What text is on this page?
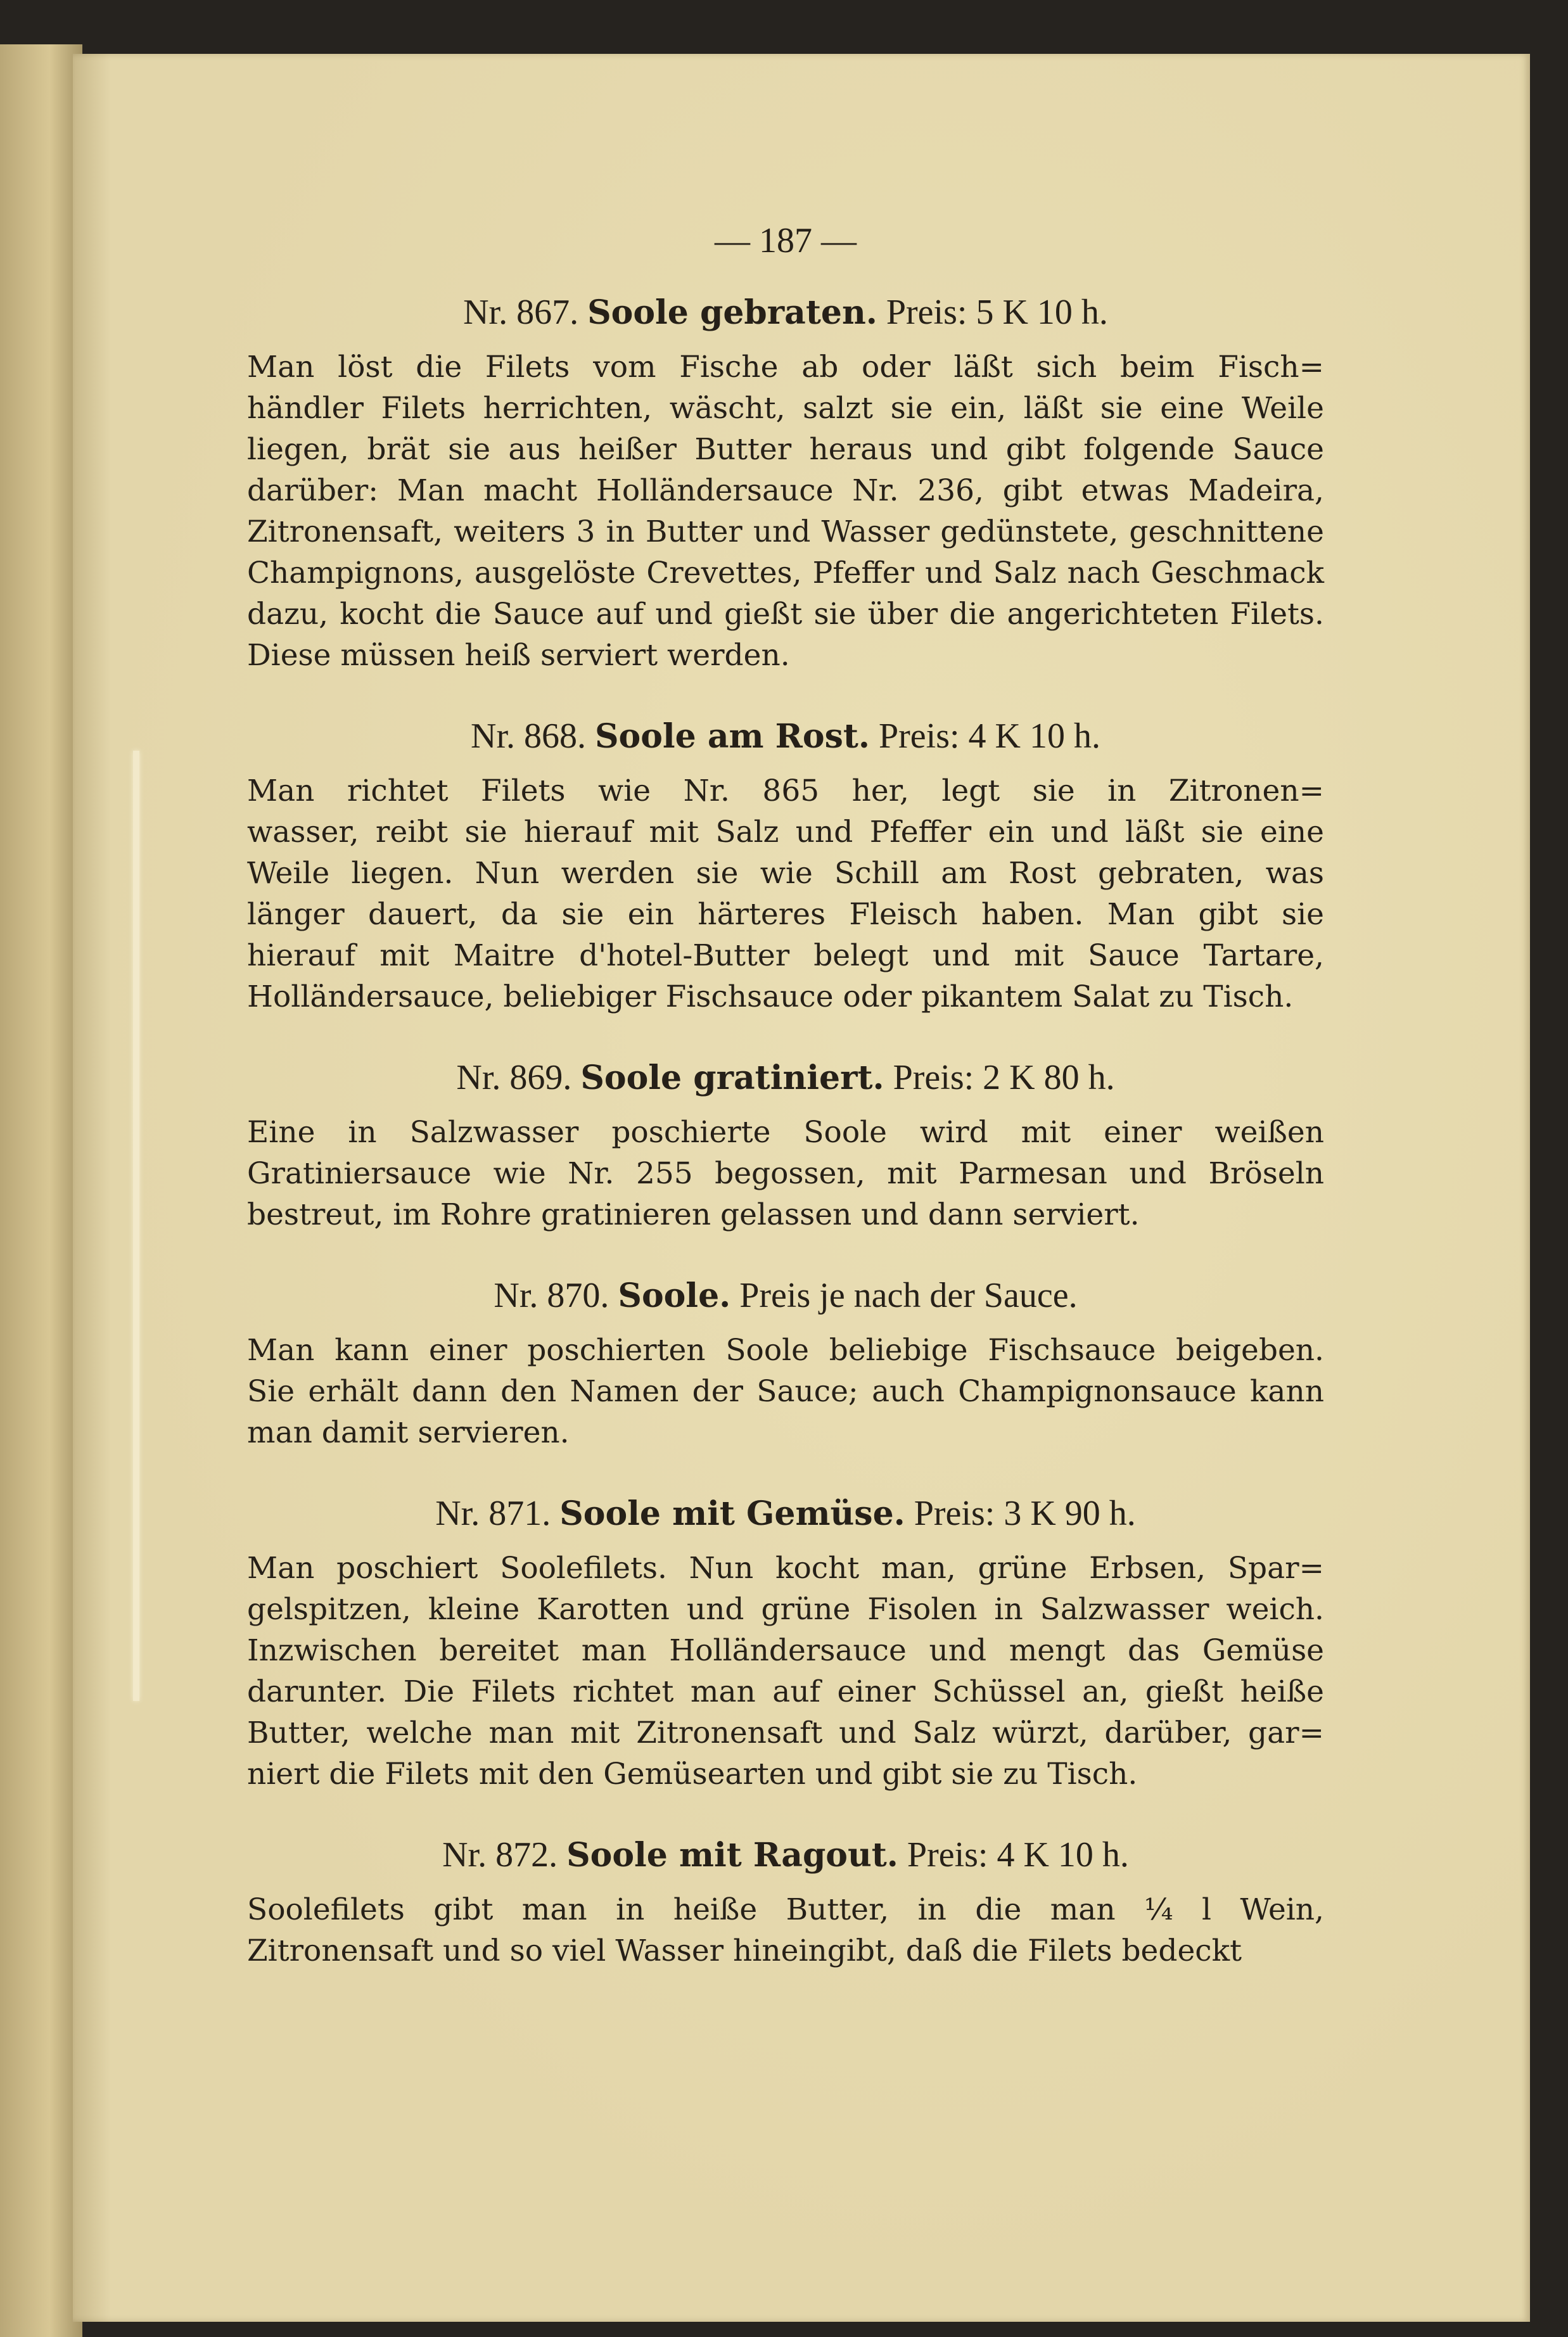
— 187 —
Nr. 867. Soole gebraten. Preis: 5 K 10 h.
Man löst die Filets vom Fische ab oder läßt sich beim Fisch=
händler Filets herrichten, wäscht, salzt sie ein, läßt sie eine Weile
liegen, brät sie aus heißer Butter heraus und gibt folgende Sauce
darüber: Man macht Holländersauce Nr. 236, gibt etwas Madeira,
Zitronensaft, weiters 3 in Butter und Wasser gedünstete, geschnittene
Champignons, ausgelöste Crevettes, Pfeffer und Salz nach Geschmack
dazu, kocht die Sauce auf und gießt sie über die angerichteten Filets.
Diese müssen heiß serviert werden.
Nr. 868. Soole am Rost. Preis: 4 K 10 h.
Man richtet Filets wie Nr. 865 her, legt sie in Zitronen=
wasser, reibt sie hierauf mit Salz und Pfeffer ein und läßt sie eine
Weile liegen. Nun werden sie wie Schill am Rost gebraten, was
länger dauert, da sie ein härteres Fleisch haben. Man gibt sie
hierauf mit Maitre d'hotel-Butter belegt und mit Sauce Tartare,
Holländersauce, beliebiger Fischsauce oder pikantem Salat zu Tisch.
Nr. 869. Soole gratiniert. Preis: 2 K 80 h.
Eine in Salzwasser poschierte Soole wird mit einer weißen
Gratiniersauce wie Nr. 255 begossen, mit Parmesan und Bröseln
bestreut, im Rohre gratinieren gelassen und dann serviert.
Nr. 870. Soole. Preis je nach der Sauce.
Man kann einer poschierten Soole beliebige Fischsauce beigeben.
Sie erhält dann den Namen der Sauce; auch Champignonsauce kann
man damit servieren.
Nr. 871. Soole mit Gemüse. Preis: 3 K 90 h.
Man poschiert Soolefilets. Nun kocht man, grüne Erbsen, Spar=
gelspitzen, kleine Karotten und grüne Fisolen in Salzwasser weich.
Inzwischen bereitet man Holländersauce und mengt das Gemüse
darunter. Die Filets richtet man auf einer Schüssel an, gießt heiße
Butter, welche man mit Zitronensaft und Salz würzt, darüber, gar=
niert die Filets mit den Gemüsearten und gibt sie zu Tisch.
Nr. 872. Soole mit Ragout. Preis: 4 K 10 h.
Soolefilets gibt man in heiße Butter, in die man ¼ l Wein,
Zitronensaft und so viel Wasser hineingibt, daß die Filets bedeckt
